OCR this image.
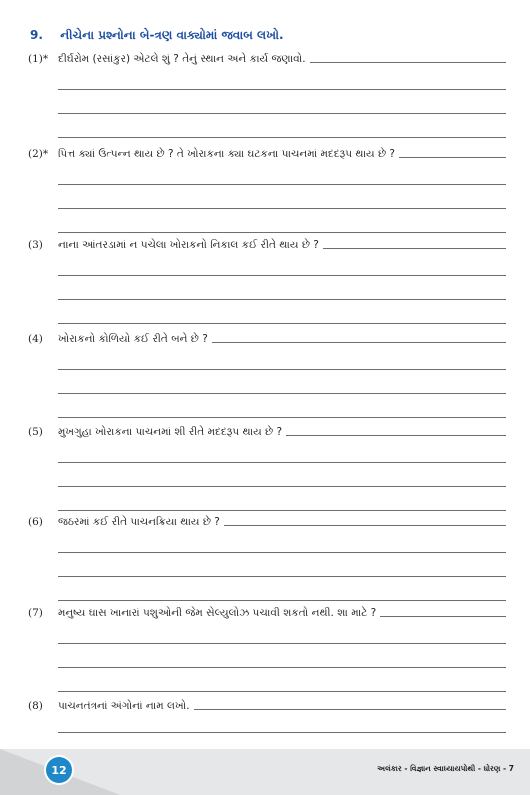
9. નીચેના પ્રશ્નોના બે-ત્રણ વાક્યોમાં જવાબ લખો.
(1)* દીર્ઘરોમ (રસાંકુર) એટલે શું ? તેનું સ્થાન અને કાર્ય જણાવો.
(2)* પિત્ત ક્યાં ઉત્પન્ન થાય છે ? તે ખોરાકના ક્યા ઘટકના પાચનમાં મદદરૂપ થાય છે ?
(3)	નાના આંતરડામાં ન પચેલા ખોરાકનો નિકાલ કઈ રીતે થાય છે ?
(4)	ખોરાકનો કોળિયો કઈ રીતે બને છે ?
(5)	મુખગુહા ખોરાકના પાચનમાં શી રીતે મદદરૂપ થાય છે ?
(6)	જઠરમાં કઈ રીતે પાચનક્રિયા થાય છે ?
(7)	મનુષ્ય ઘાસ ખાનારાં પશુઓની જેમ સેલ્યુલોઝ પચાવી શકતો નથી. શા માટે ?
(8)	પાચનતંત્રનાં અંગોનાં નામ લખો.
12	અલંકાર - વિજ્ઞાન સ્વાધ્યાયપોથી - ધોરણ - 7
